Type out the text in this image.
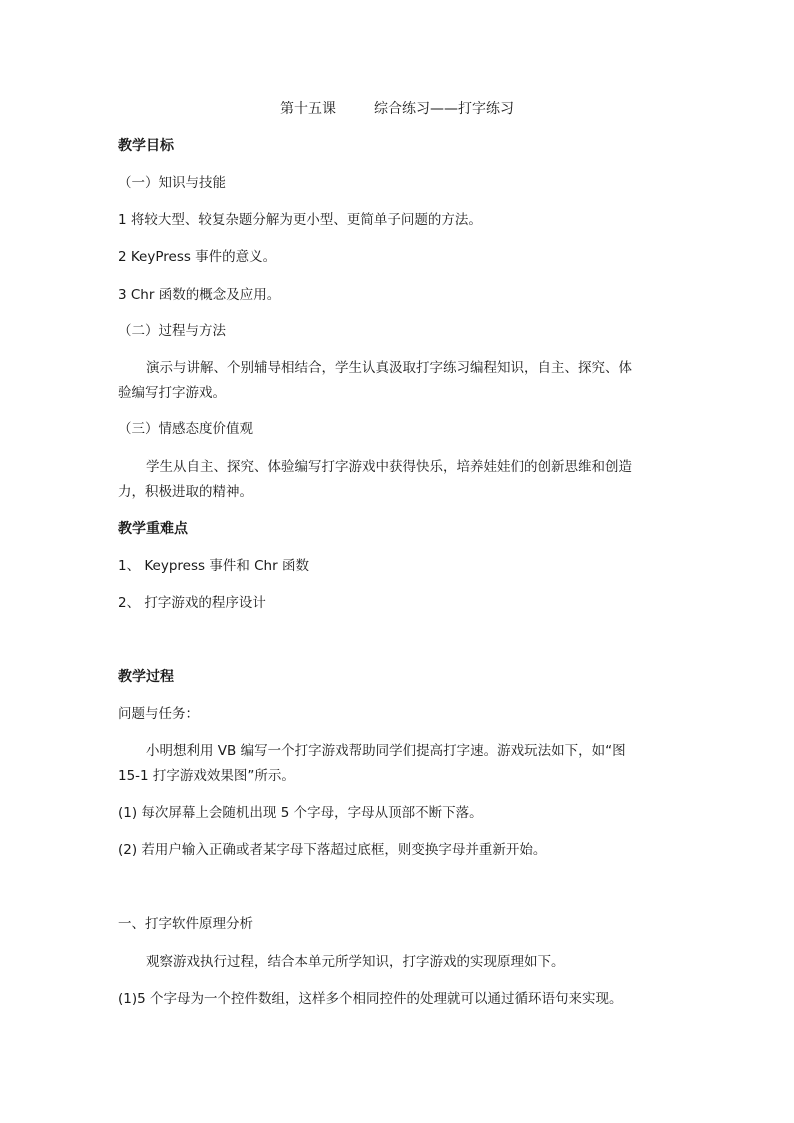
第十五课	综合练习——打字练习
教学目标
（一）知识与技能
1 将较大型、较复杂题分解为更小型、更简单子问题的方法。
2 KeyPress 事件的意义。
3 Chr 函数的概念及应用。
（二）过程与方法
演示与讲解、个别辅导相结合，学生认真汲取打字练习编程知识，自主、探究、体
验编写打字游戏。
（三）情感态度价值观
学生从自主、探究、体验编写打字游戏中获得快乐，培养娃娃们的创新思维和创造
力，积极进取的精神。
教学重难点
1、 Keypress 事件和 Chr 函数
2、 打字游戏的程序设计
教学过程
问题与任务：
小明想利用 VB 编写一个打字游戏帮助同学们提高打字速。游戏玩法如下，如“图
15-1 打字游戏效果图”所示。
(1) 每次屏幕上会随机出现 5 个字母，字母从顶部不断下落。
(2) 若用户输入正确或者某字母下落超过底框，则变换字母并重新开始。
一、打字软件原理分析
观察游戏执行过程，结合本单元所学知识，打字游戏的实现原理如下。
(1)5 个字母为一个控件数组，这样多个相同控件的处理就可以通过循环语句来实现。
